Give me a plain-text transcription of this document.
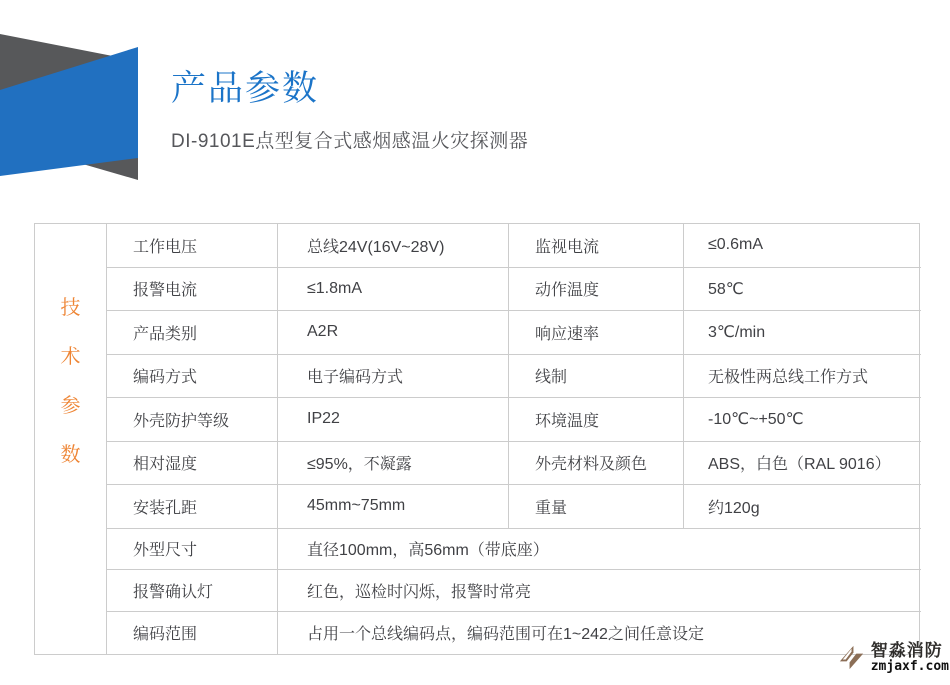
产品参数
DI-9101E点型复合式感烟感温火灾探测器
技
术
参
数
工作电压	总线24V(16V~28V)	监视电流	≤0.6mA
报警电流	≤1.8mA	动作温度	58℃
产品类别	A2R	响应速率	3℃/min
编码方式	电子编码方式	线制	无极性两总线工作方式
外壳防护等级	IP22	环境温度	-10℃~+50℃
相对湿度	≤95%，不凝露	外壳材料及颜色	ABS，白色（RAL 9016）
安装孔距	45mm~75mm	重量	约120g
外型尺寸	直径100mm，高56mm（带底座）
报警确认灯	红色，巡检时闪烁，报警时常亮
编码范围	占用一个总线编码点，编码范围可在1~242之间任意设定
智淼消防
zmjaxf.com
